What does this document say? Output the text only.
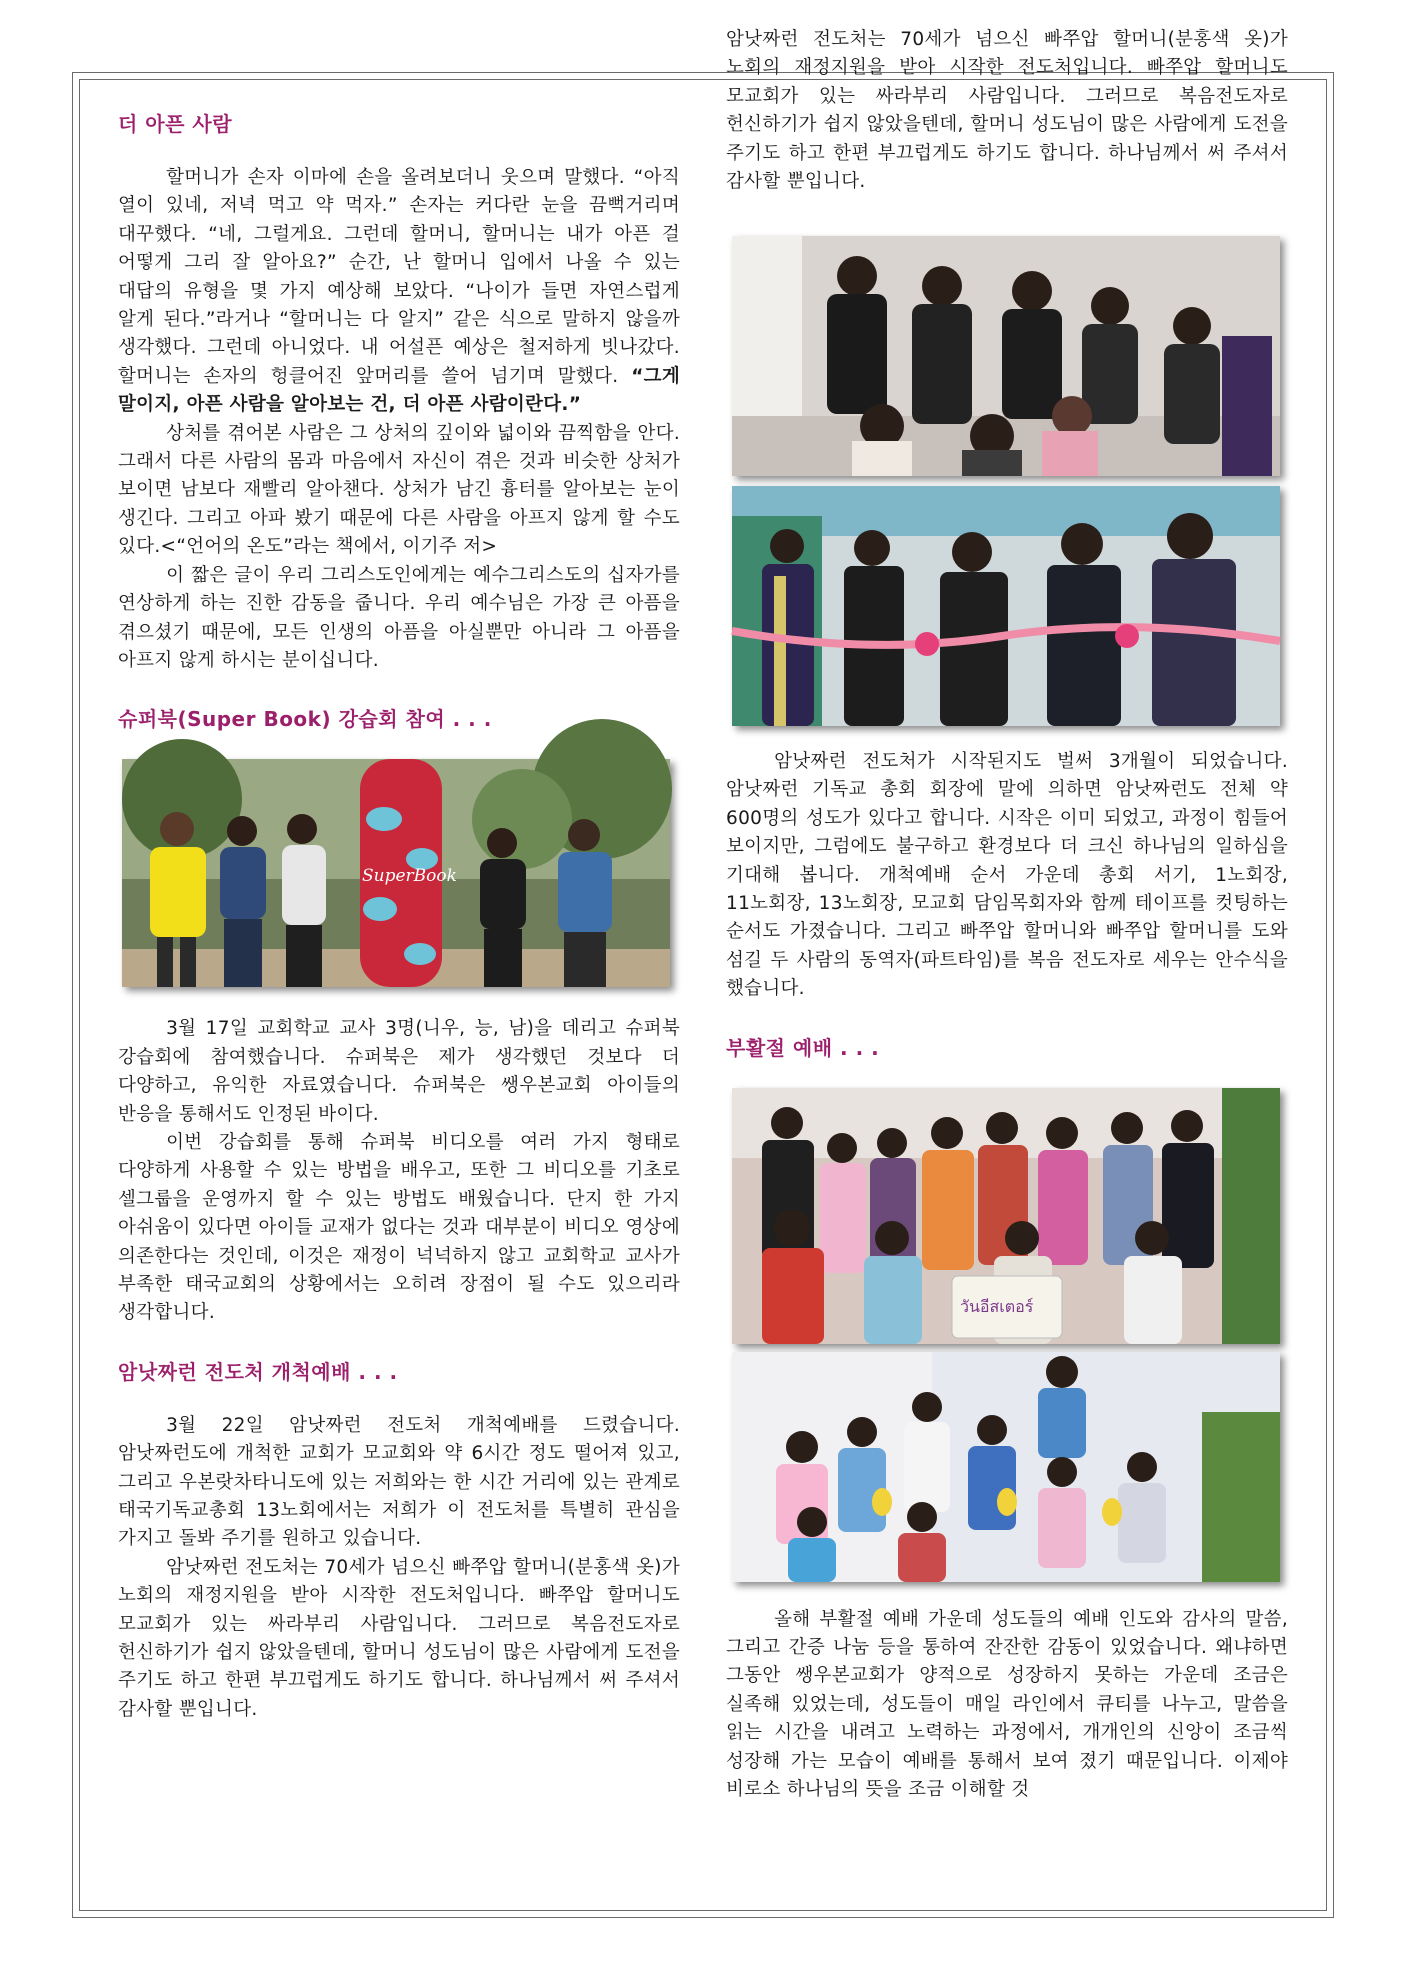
더 아픈 사람

할머니가 손자 이마에 손을 올려보더니 웃으며 말했다. “아직 열이 있네, 저녁 먹고 약 먹자.” 손자는 커다란 눈을 끔뻑거리며 대꾸했다. “네, 그럴게요. 그런데 할머니, 할머니는 내가 아픈 걸 어떻게 그리 잘 알아요?” 순간, 난 할머니 입에서 나올 수 있는 대답의 유형을 몇 가지 예상해 보았다. “나이가 들면 자연스럽게 알게 된다.”라거나 “할머니는 다 알지” 같은 식으로 말하지 않을까 생각했다. 그런데 아니었다. 내 어설픈 예상은 철저하게 빗나갔다. 할머니는 손자의 헝클어진 앞머리를 쓸어 넘기며 말했다. “그게 말이지, 아픈 사람을 알아보는 건, 더 아픈 사람이란다.”

상처를 겪어본 사람은 그 상처의 깊이와 넓이와 끔찍함을 안다. 그래서 다른 사람의 몸과 마음에서 자신이 겪은 것과 비슷한 상처가 보이면 남보다 재빨리 알아챈다. 상처가 남긴 흉터를 알아보는 눈이 생긴다. 그리고 아파 봤기 때문에 다른 사람을 아프지 않게 할 수도 있다.<“언어의 온도”라는 책에서, 이기주 저>

이 짧은 글이 우리 그리스도인에게는 예수그리스도의 십자가를 연상하게 하는 진한 감동을 줍니다. 우리 예수님은 가장 큰 아픔을 겪으셨기 때문에, 모든 인생의 아픔을 아실뿐만 아니라 그 아픔을 아프지 않게 하시는 분이십니다.

슈퍼북(Super Book) 강습회 참여 . . .
SuperBook

3월 17일 교회학교 교사 3명(니우, 능, 남)을 데리고 슈퍼북 강습회에 참여했습니다. 슈퍼북은 제가 생각했던 것보다 더 다양하고, 유익한 자료였습니다. 슈퍼북은 쌩우본교회 아이들의 반응을 통해서도 인정된 바이다.

이번 강습회를 통해 슈퍼북 비디오를 여러 가지 형태로 다양하게 사용할 수 있는 방법을 배우고, 또한 그 비디오를 기초로 셀그룹을 운영까지 할 수 있는 방법도 배웠습니다. 단지 한 가지 아쉬움이 있다면 아이들 교재가 없다는 것과 대부분이 비디오 영상에 의존한다는 것인데, 이것은 재정이 넉넉하지 않고 교회학교 교사가 부족한 태국교회의 상황에서는 오히려 장점이 될 수도 있으리라 생각합니다.

암낫짜런 전도처 개척예배 . . .

3월 22일 암낫짜런 전도처 개척예배를 드렸습니다. 암낫짜런도에 개척한 교회가 모교회와 약 6시간 정도 떨어져 있고, 그리고 우본랏차타니도에 있는 저희와는 한 시간 거리에 있는 관계로 태국기독교총회 13노회에서는 저희가 이 전도처를 특별히 관심을 가지고 돌봐 주기를 원하고 있습니다.

암낫짜런 전도처는 70세가 넘으신 빠쭈압 할머니(분홍색 옷)가 노회의 재정지원을 받아 시작한 전도처입니다. 빠쭈압 할머니도 모교회가 있는 싸라부리 사람입니다. 그러므로 복음전도자로 헌신하기가 쉽지 않았을텐데, 할머니 성도님이 많은 사람에게 도전을 주기도 하고 한편 부끄럽게도 하기도 합니다. 하나님께서 써 주셔서 감사할 뿐입니다.

암낫짜런 전도처는 70세가 넘으신 빠쭈압 할머니(분홍색 옷)가 노회의 재정지원을 받아 시작한 전도처입니다. 빠쭈압 할머니도 모교회가 있는 싸라부리 사람입니다. 그러므로 복음전도자로 헌신하기가 쉽지 않았을텐데, 할머니 성도님이 많은 사람에게 도전을 주기도 하고 한편 부끄럽게도 하기도 합니다. 하나님께서 써 주셔서 감사할 뿐입니다.

암낫짜런 전도처가 시작된지도 벌써 3개월이 되었습니다. 암낫짜런 기독교 총회 회장에 말에 의하면 암낫짜런도 전체 약 600명의 성도가 있다고 합니다. 시작은 이미 되었고, 과정이 힘들어 보이지만, 그럼에도 불구하고 환경보다 더 크신 하나님의 일하심을 기대해 봅니다. 개척예배 순서 가운데 총회 서기, 1노회장, 11노회장, 13노회장, 모교회 담임목회자와 함께 테이프를 컷팅하는 순서도 가졌습니다. 그리고 빠쭈압 할머니와 빠쭈압 할머니를 도와 섬길 두 사람의 동역자(파트타임)를 복음 전도자로 세우는 안수식을 했습니다.

부활절 예배 . . .
วันอีสเตอร์

올해 부활절 예배 가운데 성도들의 예배 인도와 감사의 말씀, 그리고 간증 나눔 등을 통하여 잔잔한 감동이 있었습니다. 왜냐하면 그동안 쌩우본교회가 양적으로 성장하지 못하는 가운데 조금은 실족해 있었는데, 성도들이 매일 라인에서 큐티를 나누고, 말씀을 읽는 시간을 내려고 노력하는 과정에서, 개개인의 신앙이 조금씩 성장해 가는 모습이 예배를 통해서 보여 졌기 때문입니다. 이제야 비로소 하나님의 뜻을 조금 이해할 것
